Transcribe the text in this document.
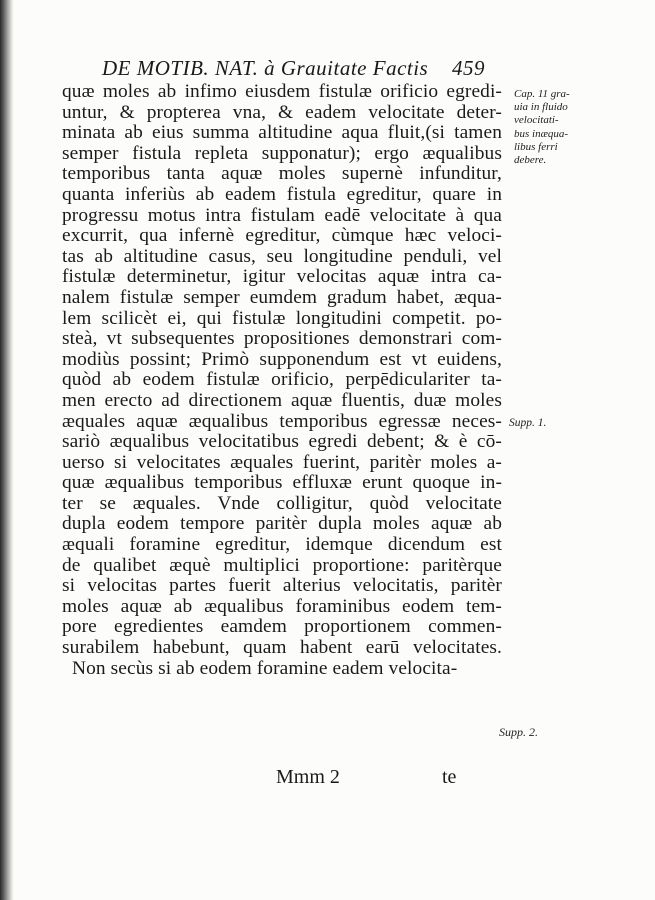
DE MOTIB. NAT. à Grauitate Factis 459
quæ moles ab infimo eiusdem fistulæ orificio egredi-
untur, & propterea vna, & eadem velocitate deter-
minata ab eius summa altitudine aqua fluit,(si tamen
semper fistula repleta supponatur); ergo æqualibus
temporibus tanta aquæ moles supernè infunditur,
quanta inferiùs ab eadem fistula egreditur, quare in
progressu motus intra fistulam eadē velocitate à qua
excurrit, qua infernè egreditur, cùmque hæc veloci-
tas ab altitudine casus, seu longitudine penduli, vel
fistulæ determinetur, igitur velocitas aquæ intra ca-
nalem fistulæ semper eumdem gradum habet, æqua-
lem scilicèt ei, qui fistulæ longitudini competit. po-
steà, vt subsequentes propositiones demonstrari com-
modiùs possint; Primò supponendum est vt euidens,
quòd ab eodem fistulæ orificio, perpēdiculariter ta-
men erecto ad directionem aquæ fluentis, duæ moles
æquales aquæ æqualibus temporibus egressæ neces-
sariò æqualibus velocitatibus egredi debent; & è cō-
uerso si velocitates æquales fuerint, paritèr moles a-
quæ æqualibus temporibus effluxæ erunt quoque in-
ter se æquales. Vnde colligitur, quòd velocitate
dupla eodem tempore paritèr dupla moles aquæ ab
æquali foramine egreditur, idemque dicendum est
de qualibet æquè multiplici proportione: paritèrque
si velocitas partes fuerit alterius velocitatis, paritèr
moles aquæ ab æqualibus foraminibus eodem tem-
pore egredientes eamdem proportionem commen-
surabilem habebunt, quam habent earū velocitates.
Non secùs si ab eodem foramine eadem velocita-
Cap. 11 gra-
uia in fluido
velocitati-
bus inæqua-
libus ferri
debere.
Supp. 1.
Supp. 2.
Mmm 2	te
